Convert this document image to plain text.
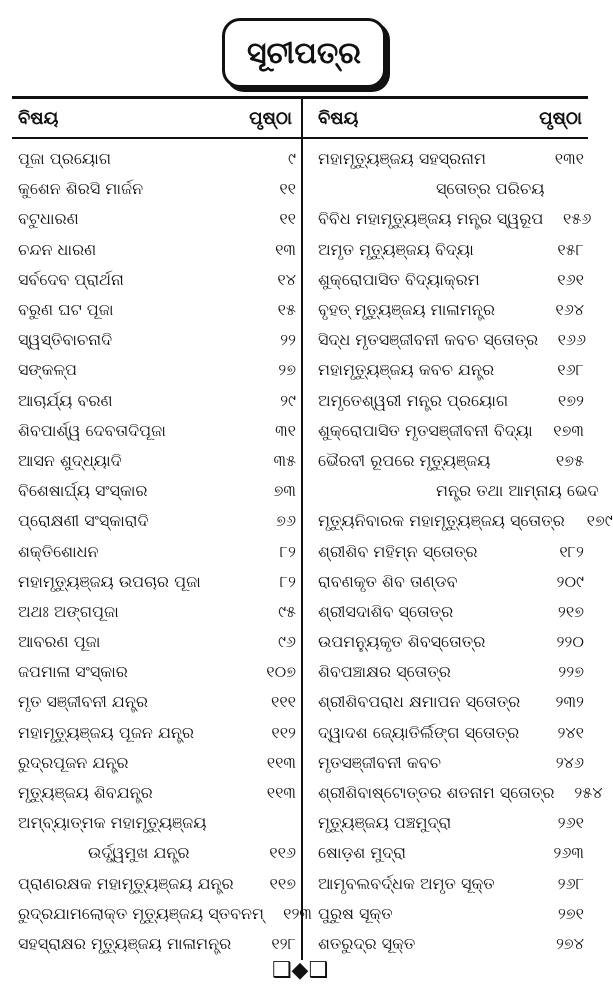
ସୂଚୀପତ୍ର
ବିଷୟ	ପୃଷ୍ଠା ବିଷୟ	ପୃଷ୍ଠା
ପୂଜା ପ୍ରୟୋଗ	୯
କୁଶେନ ଶିରସି ମାର୍ଜନ	୧୧
ବଟୁଧାରଣ	୧୧
ଚନ୍ଦନ ଧାରଣ	୧୩
ସର୍ବଦେବ ପ୍ରାର୍ଥନା	୧୪
ବରୁଣ ଘଟ ପୂଜା	୧୫
ସ୍ୱସ୍ତିବାଚନାଦି	୨୨
ସଙ୍କଳ୍ପ	୨୭
ଆଚାର୍ଯ୍ୟ ବରଣ	୨୯
ଶିବପାର୍ଶ୍ୱ ଦେବତାଦିପୂଜା	୩୧
ଆସନ ଶୁଦ୍ଧ୍ୟାଦି	୩୫
ବିଶେଷାର୍ଘ୍ୟ ସଂସ୍କାର	୭୩
ପ୍ରୋକ୍ଷଣୀ ସଂସ୍କାରାଦି	୭୬
ଶକ୍ତିଶୋଧନ	୮୨
ମହାମୃତ୍ୟୁଞ୍ଜୟ ଉପଚାର ପୂଜା	୮୨
ଅଥଃ ଅଙ୍ଗପୂଜା	୯୫
ଆବରଣ ପୂଜା	୯୬
ଜପମାଳା ସଂସ୍କାର	୧୦୭
ମୃତ ସଞ୍ଜୀବନୀ ଯନ୍ତ୍ର	୧୧୧
ମହାମୃତ୍ୟୁଞ୍ଜୟ ପୂଜନ ଯନ୍ତ୍ର	୧୧୨
ରୁଦ୍ରପୂଜନ ଯନ୍ତ୍ର	୧୧୩
ମୃତ୍ୟୁଞ୍ଜୟ ଶିବଯନ୍ତ୍ର	୧୧୩
ଅମ୍ବ୍ୟାତ୍ମକ ମହାମୃତ୍ୟୁଞ୍ଜୟ
ଉର୍ଦ୍ଧ୍ୱମୁଖ ଯନ୍ତ୍ର	୧୧୬
ପ୍ରାଣରକ୍ଷକ ମହାମୃତ୍ୟୁଞ୍ଜୟ ଯନ୍ତ୍ର	୧୧୭
ରୁଦ୍ରଯାମଲୋକ୍ତ ମୃତ୍ୟୁଞ୍ଜୟ ସ୍ତବନମ୍	୧୨୩
ସହସ୍ରାକ୍ଷର ମୃତ୍ୟୁଞ୍ଜୟ ମାଳାମନ୍ତ୍ର	୧୨୮
ମହାମୃତ୍ୟୁଞ୍ଜୟ ସହସ୍ରନାମ	୧୩୧
ସ୍ତୋତ୍ର ପରିଚୟ
ବିବିଧ ମହାମୃତ୍ୟୁଞ୍ଜୟ ମନ୍ତ୍ର ସ୍ୱରୂପ	୧୫୬
ଅମୃତ ମୃତ୍ୟୁଞ୍ଜୟ ବିଦ୍ୟା	୧୫୮
ଶୁକ୍ରୋପାସିତ ବିଦ୍ୟାକ୍ରମ	୧୬୧
ବୃହତ୍ ମୃତ୍ୟୁଞ୍ଜୟ ମାଳାମନ୍ତ୍ର	୧୬୪
ସିଦ୍ଧ ମୃତସଞ୍ଜୀବନୀ କବଚ ସ୍ତୋତ୍ର	୧୬୬
ମହାମୃତ୍ୟୁଞ୍ଜୟ କବଚ ଯନ୍ତ୍ର	୧୬୮
ଅମୃତେଶ୍ୱରୀ ମନ୍ତ୍ର ପ୍ରୟୋଗ	୧୭୨
ଶୁକ୍ରୋପାସିତ ମୃତସଞ୍ଜୀବନୀ ବିଦ୍ୟା	୧୭୩
ଭୈରବୀ ରୂପରେ ମୃତ୍ୟୁଞ୍ଜୟ	୧୭୫
ମନ୍ତ୍ର ତଥା ଆମ୍ନାୟ ଭେଦ
ମୃତ୍ୟୁନିବାରକ ମହାମୃତ୍ୟୁଞ୍ଜୟ ସ୍ତୋତ୍ର	୧୭୯
ଶ୍ରୀଶିବ ମହିମ୍ନ ସ୍ତୋତ୍ର	୧୮୨
ରାବଣକୃତ ଶିବ ତାଣ୍ଡବ	୨୦୯
ଶ୍ରୀସଦାଶିବ ସ୍ତୋତ୍ର	୨୧୭
ଉପମନ୍ୟୁକୃତ ଶିବସ୍ତୋତ୍ର	୨୨୦
ଶିବପଞ୍ଚାକ୍ଷର ସ୍ତୋତ୍ର	୨୨୭
ଶ୍ରୀଶିବପରାଧ କ୍ଷମାପନ ସ୍ତୋତ୍ର	୨୩୨
ଦ୍ୱାଦଶ ଜ୍ୟୋତିର୍ଲିଙ୍ଗ ସ୍ତୋତ୍ର	୨୪୧
ମୃତସଞ୍ଜୀବନୀ କବଚ	୨୪୬
ଶ୍ରୀଶିବାଷ୍ଟୋତ୍ତର ଶତନାମ ସ୍ତୋତ୍ର	୨୫୪
ମୃତ୍ୟୁଞ୍ଜୟ ପଞ୍ଚମୁଦ୍ରା	୨୬୧
ଷୋଡ଼ଶ ମୁଦ୍ରା	୨୬୩
ଆମୃବଲବର୍ଦ୍ଧକ ଅମୃତ ସୂକ୍ତ	୨୬୮
ପୁରୁଷ ସୂକ୍ତ	୨୭୧
ଶତରୁଦ୍ର ସୂକ୍ତ	୨୭୪
❑◆❑
